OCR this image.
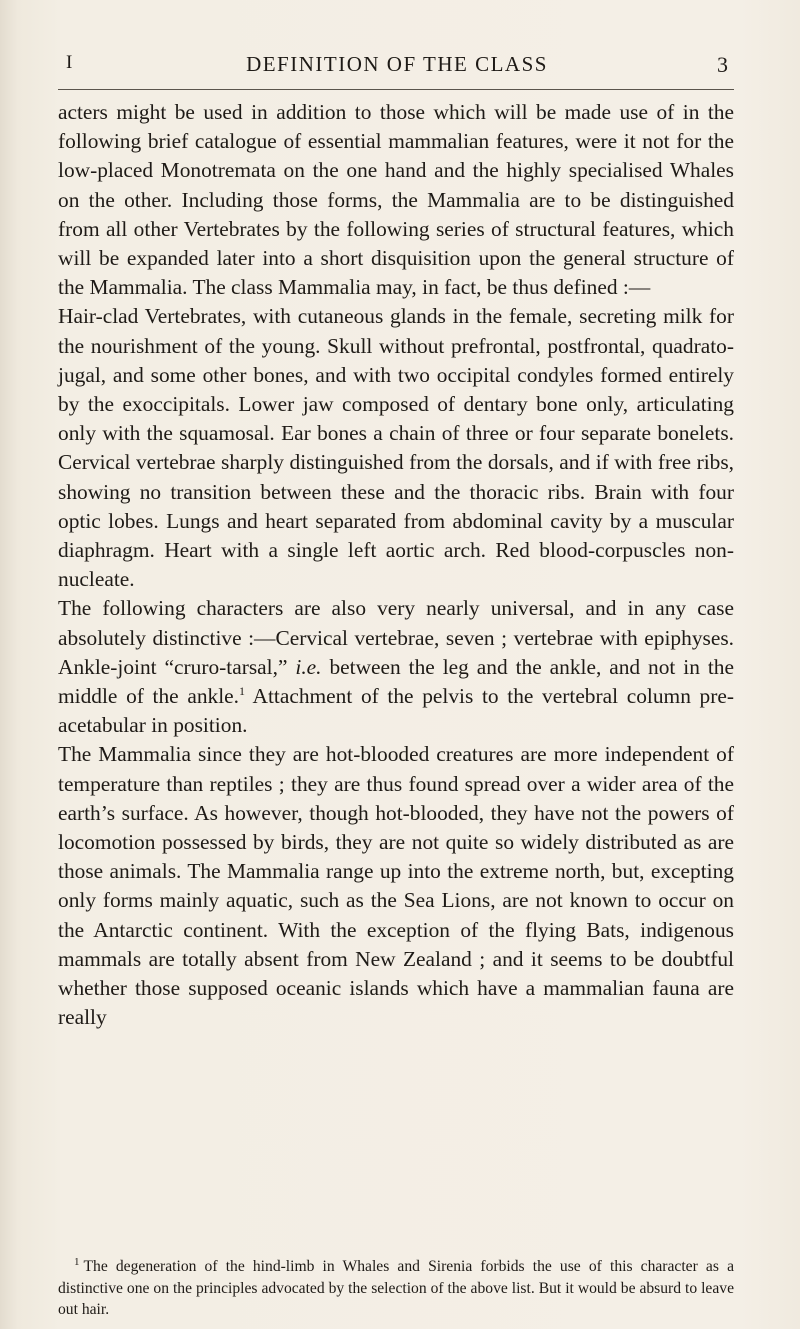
I	DEFINITION OF THE CLASS	3

acters might be used in addition to those which will be made use of in the following brief catalogue of essential mammalian features, were it not for the low-placed Monotremata on the one hand and the highly specialised Whales on the other. Including those forms, the Mammalia are to be distinguished from all other Vertebrates by the following series of structural features, which will be expanded later into a short disquisition upon the general structure of the Mammalia. The class Mammalia may, in fact, be thus defined :—

Hair-clad Vertebrates, with cutaneous glands in the female, secreting milk for the nourishment of the young. Skull without prefrontal, postfrontal, quadrato-jugal, and some other bones, and with two occipital condyles formed entirely by the exoccipitals. Lower jaw composed of dentary bone only, articulating only with the squamosal. Ear bones a chain of three or four separate bonelets. Cervical vertebrae sharply distinguished from the dorsals, and if with free ribs, showing no transition between these and the thoracic ribs. Brain with four optic lobes. Lungs and heart separated from abdominal cavity by a muscular diaphragm. Heart with a single left aortic arch. Red blood-corpuscles non-nucleate.

The following characters are also very nearly universal, and in any case absolutely distinctive :—Cervical vertebrae, seven ; vertebrae with epiphyses. Ankle-joint “cruro-tarsal,” i.e. between the leg and the ankle, and not in the middle of the ankle.$^1$ Attachment of the pelvis to the vertebral column pre-acetabular in position.

The Mammalia since they are hot-blooded creatures are more independent of temperature than reptiles ; they are thus found spread over a wider area of the earth’s surface. As however, though hot-blooded, they have not the powers of locomotion possessed by birds, they are not quite so widely distributed as are those animals. The Mammalia range up into the extreme north, but, excepting only forms mainly aquatic, such as the Sea Lions, are not known to occur on the Antarctic continent. With the exception of the flying Bats, indigenous mammals are totally absent from New Zealand ; and it seems to be doubtful whether those supposed oceanic islands which have a mammalian fauna are really

$^1$ The degeneration of the hind-limb in Whales and Sirenia forbids the use of this character as a distinctive one on the principles advocated by the selection of the above list. But it would be absurd to leave out hair.
